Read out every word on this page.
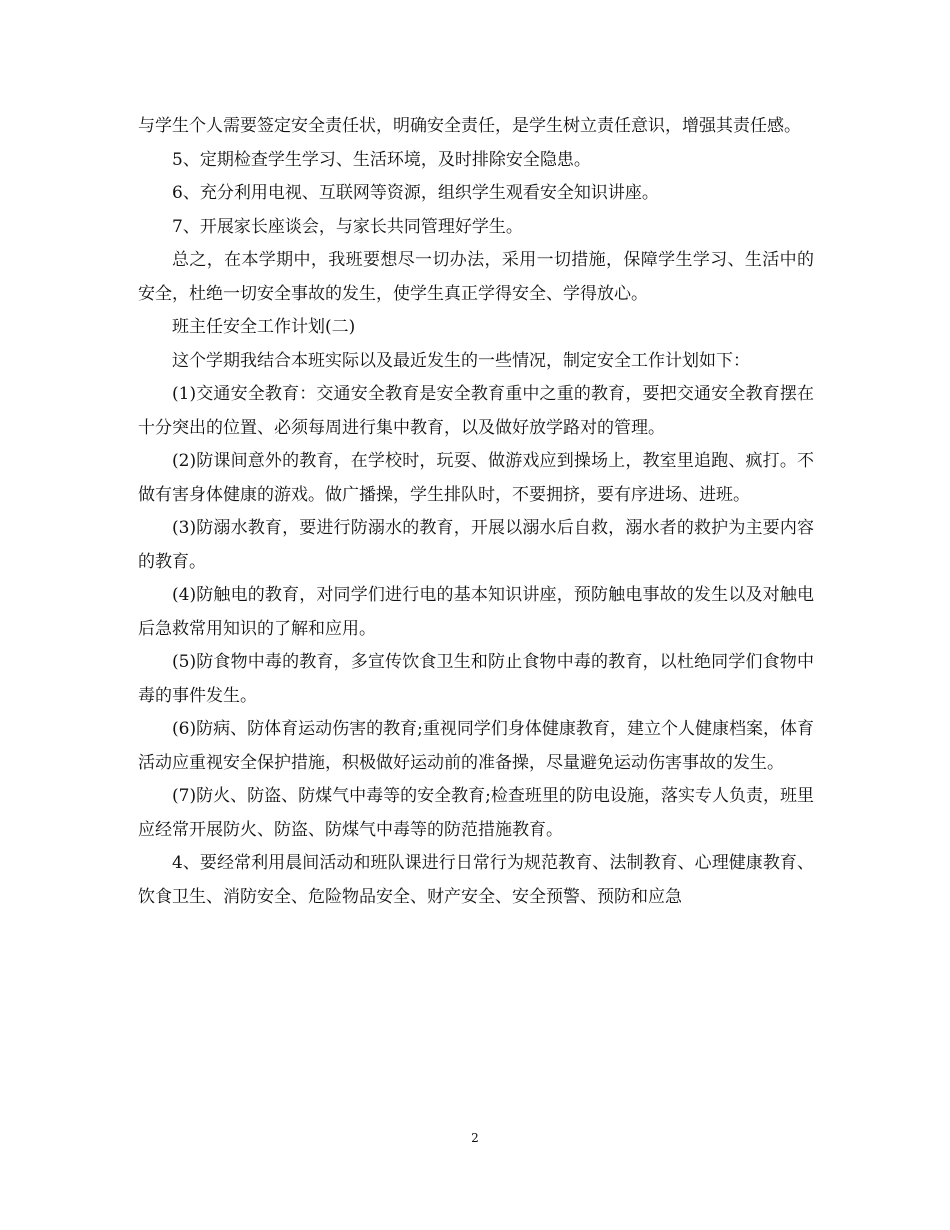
与学生个人需要签定安全责任状，明确安全责任，是学生树立责任意识，增强其责任感。

5、定期检查学生学习、生活环境，及时排除安全隐患。

6、充分利用电视、互联网等资源，组织学生观看安全知识讲座。

7、开展家长座谈会，与家长共同管理好学生。

总之，在本学期中，我班要想尽一切办法，采用一切措施，保障学生学习、生活中的安全，杜绝一切安全事故的发生，使学生真正学得安全、学得放心。

班主任安全工作计划(二)

这个学期我结合本班实际以及最近发生的一些情况，制定安全工作计划如下：

(1)交通安全教育：交通安全教育是安全教育重中之重的教育，要把交通安全教育摆在十分突出的位置、必须每周进行集中教育，以及做好放学路对的管理。

(2)防课间意外的教育，在学校时，玩耍、做游戏应到操场上，教室里追跑、疯打。不做有害身体健康的游戏。做广播操，学生排队时，不要拥挤，要有序进场、进班。

(3)防溺水教育，要进行防溺水的教育，开展以溺水后自救，溺水者的救护为主要内容的教育。

(4)防触电的教育，对同学们进行电的基本知识讲座，预防触电事故的发生以及对触电后急救常用知识的了解和应用。

(5)防食物中毒的教育，多宣传饮食卫生和防止食物中毒的教育，以杜绝同学们食物中毒的事件发生。

(6)防病、防体育运动伤害的教育;重视同学们身体健康教育，建立个人健康档案，体育活动应重视安全保护措施，积极做好运动前的准备操，尽量避免运动伤害事故的发生。

(7)防火、防盗、防煤气中毒等的安全教育;检查班里的防电设施，落实专人负责，班里应经常开展防火、防盗、防煤气中毒等的防范措施教育。

4、要经常利用晨间活动和班队课进行日常行为规范教育、法制教育、心理健康教育、饮食卫生、消防安全、危险物品安全、财产安全、安全预警、预防和应急

2
